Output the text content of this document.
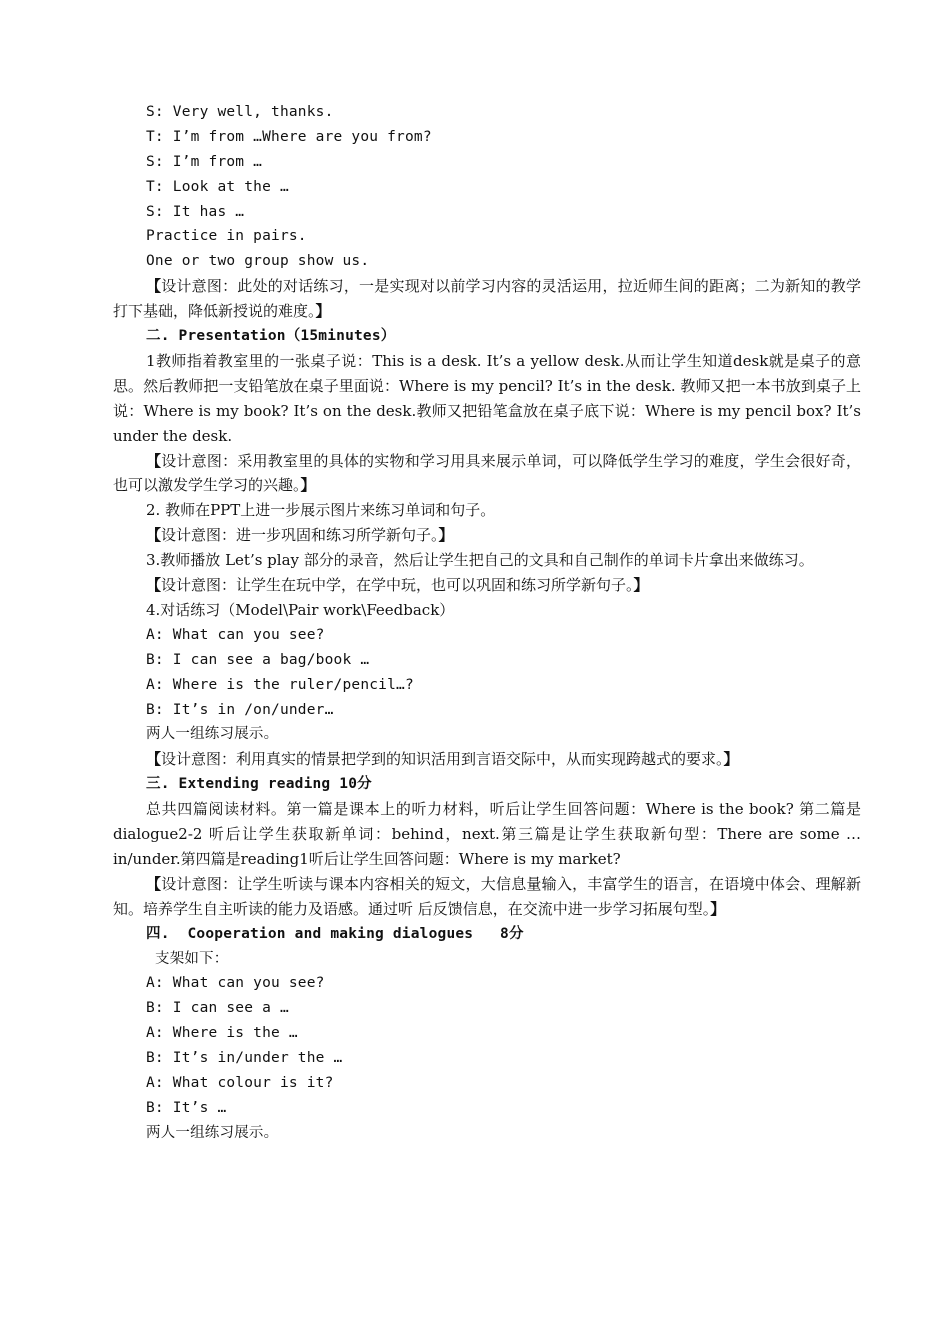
S: Very well, thanks.
T: I’m from …Where are you from?
S: I’m from …
T: Look at the …
S: It has …
Practice in pairs.
One or two group show us.
【设计意图：此处的对话练习，一是实现对以前学习内容的灵活运用，拉近师生间的距离；二为新知的教学打下基础，降低新授说的难度。】
二. Presentation（15minutes）
1教师指着教室里的一张桌子说：This is a desk. It’s a yellow desk.从而让学生知道desk就是桌子的意思。然后教师把一支铅笔放在桌子里面说：Where is my pencil? It’s in the desk. 教师又把一本书放到桌子上说：Where is my book? It’s on the desk.教师又把铅笔盒放在桌子底下说：Where is my pencil box? It’s under the desk.
【设计意图：采用教室里的具体的实物和学习用具来展示单词，可以降低学生学习的难度，学生会很好奇，也可以激发学生学习的兴趣。】
2. 教师在PPT上进一步展示图片来练习单词和句子。
【设计意图：进一步巩固和练习所学新句子。】
3.教师播放 Let’s play 部分的录音，然后让学生把自己的文具和自己制作的单词卡片拿出来做练习。
【设计意图：让学生在玩中学，在学中玩，也可以巩固和练习所学新句子。】
4.对话练习（Model\Pair work\Feedback）
A: What can you see?
B: I can see a bag/book …
A: Where is the ruler/pencil…?
B: It’s in /on/under…
两人一组练习展示。
【设计意图：利用真实的情景把学到的知识活用到言语交际中，从而实现跨越式的要求。】
三. Extending reading 10分
总共四篇阅读材料。第一篇是课本上的听力材料，听后让学生回答问题：Where is the book? 第二篇是dialogue2-2 听后让学生获取新单词：behind，next.第三篇是让学生获取新句型：There are some …in/under.第四篇是reading1听后让学生回答问题：Where is my market?
【设计意图：让学生听读与课本内容相关的短文，大信息量输入，丰富学生的语言，在语境中体会、理解新知。培养学生自主听读的能力及语感。通过听 后反馈信息，在交流中进一步学习拓展句型。】
四.  Cooperation and making dialogues   8分
支架如下：
A: What can you see?
B: I can see a …
A: Where is the …
B: It’s in/under the …
A: What colour is it?
B: It’s …
两人一组练习展示。
